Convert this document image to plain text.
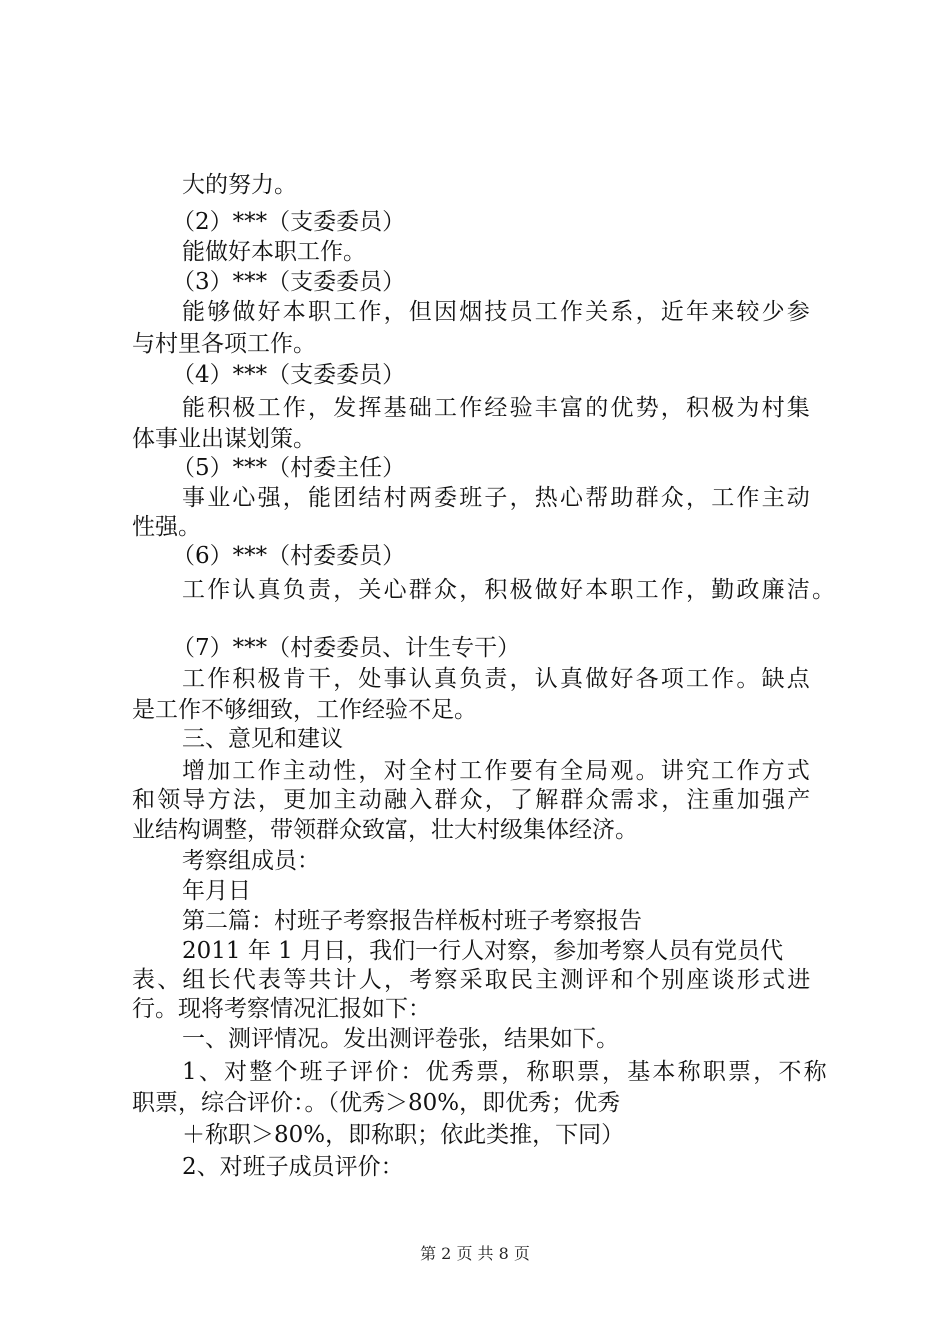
大的努力。
（2）***（支委委员）
能做好本职工作。
（3）***（支委委员）
能够做好本职工作，但因烟技员工作关系，近年来较少参
与村里各项工作。
（4）***（支委委员）
能积极工作，发挥基础工作经验丰富的优势，积极为村集
体事业出谋划策。
（5）***（村委主任）
事业心强，能团结村两委班子，热心帮助群众，工作主动
性强。
（6）***（村委委员）
工作认真负责，关心群众，积极做好本职工作，勤政廉洁。
（7）***（村委委员、计生专干）
工作积极肯干，处事认真负责，认真做好各项工作。缺点
是工作不够细致，工作经验不足。
三、意见和建议
增加工作主动性，对全村工作要有全局观。讲究工作方式
和领导方法，更加主动融入群众，了解群众需求，注重加强产
业结构调整，带领群众致富，壮大村级集体经济。
考察组成员：
年月日
第二篇：村班子考察报告样板村班子考察报告
2011 年 1 月日，我们一行人对察，参加考察人员有党员代
表、组长代表等共计人，考察采取民主测评和个别座谈形式进
行。现将考察情况汇报如下：
一、测评情况。发出测评卷张，结果如下。
1、对整个班子评价：优秀票，称职票，基本称职票，不称
职票，综合评价：。（优秀＞80%，即优秀；优秀
＋称职＞80%，即称职；依此类推，下同）
2、对班子成员评价：
第 2 页 共 8 页
